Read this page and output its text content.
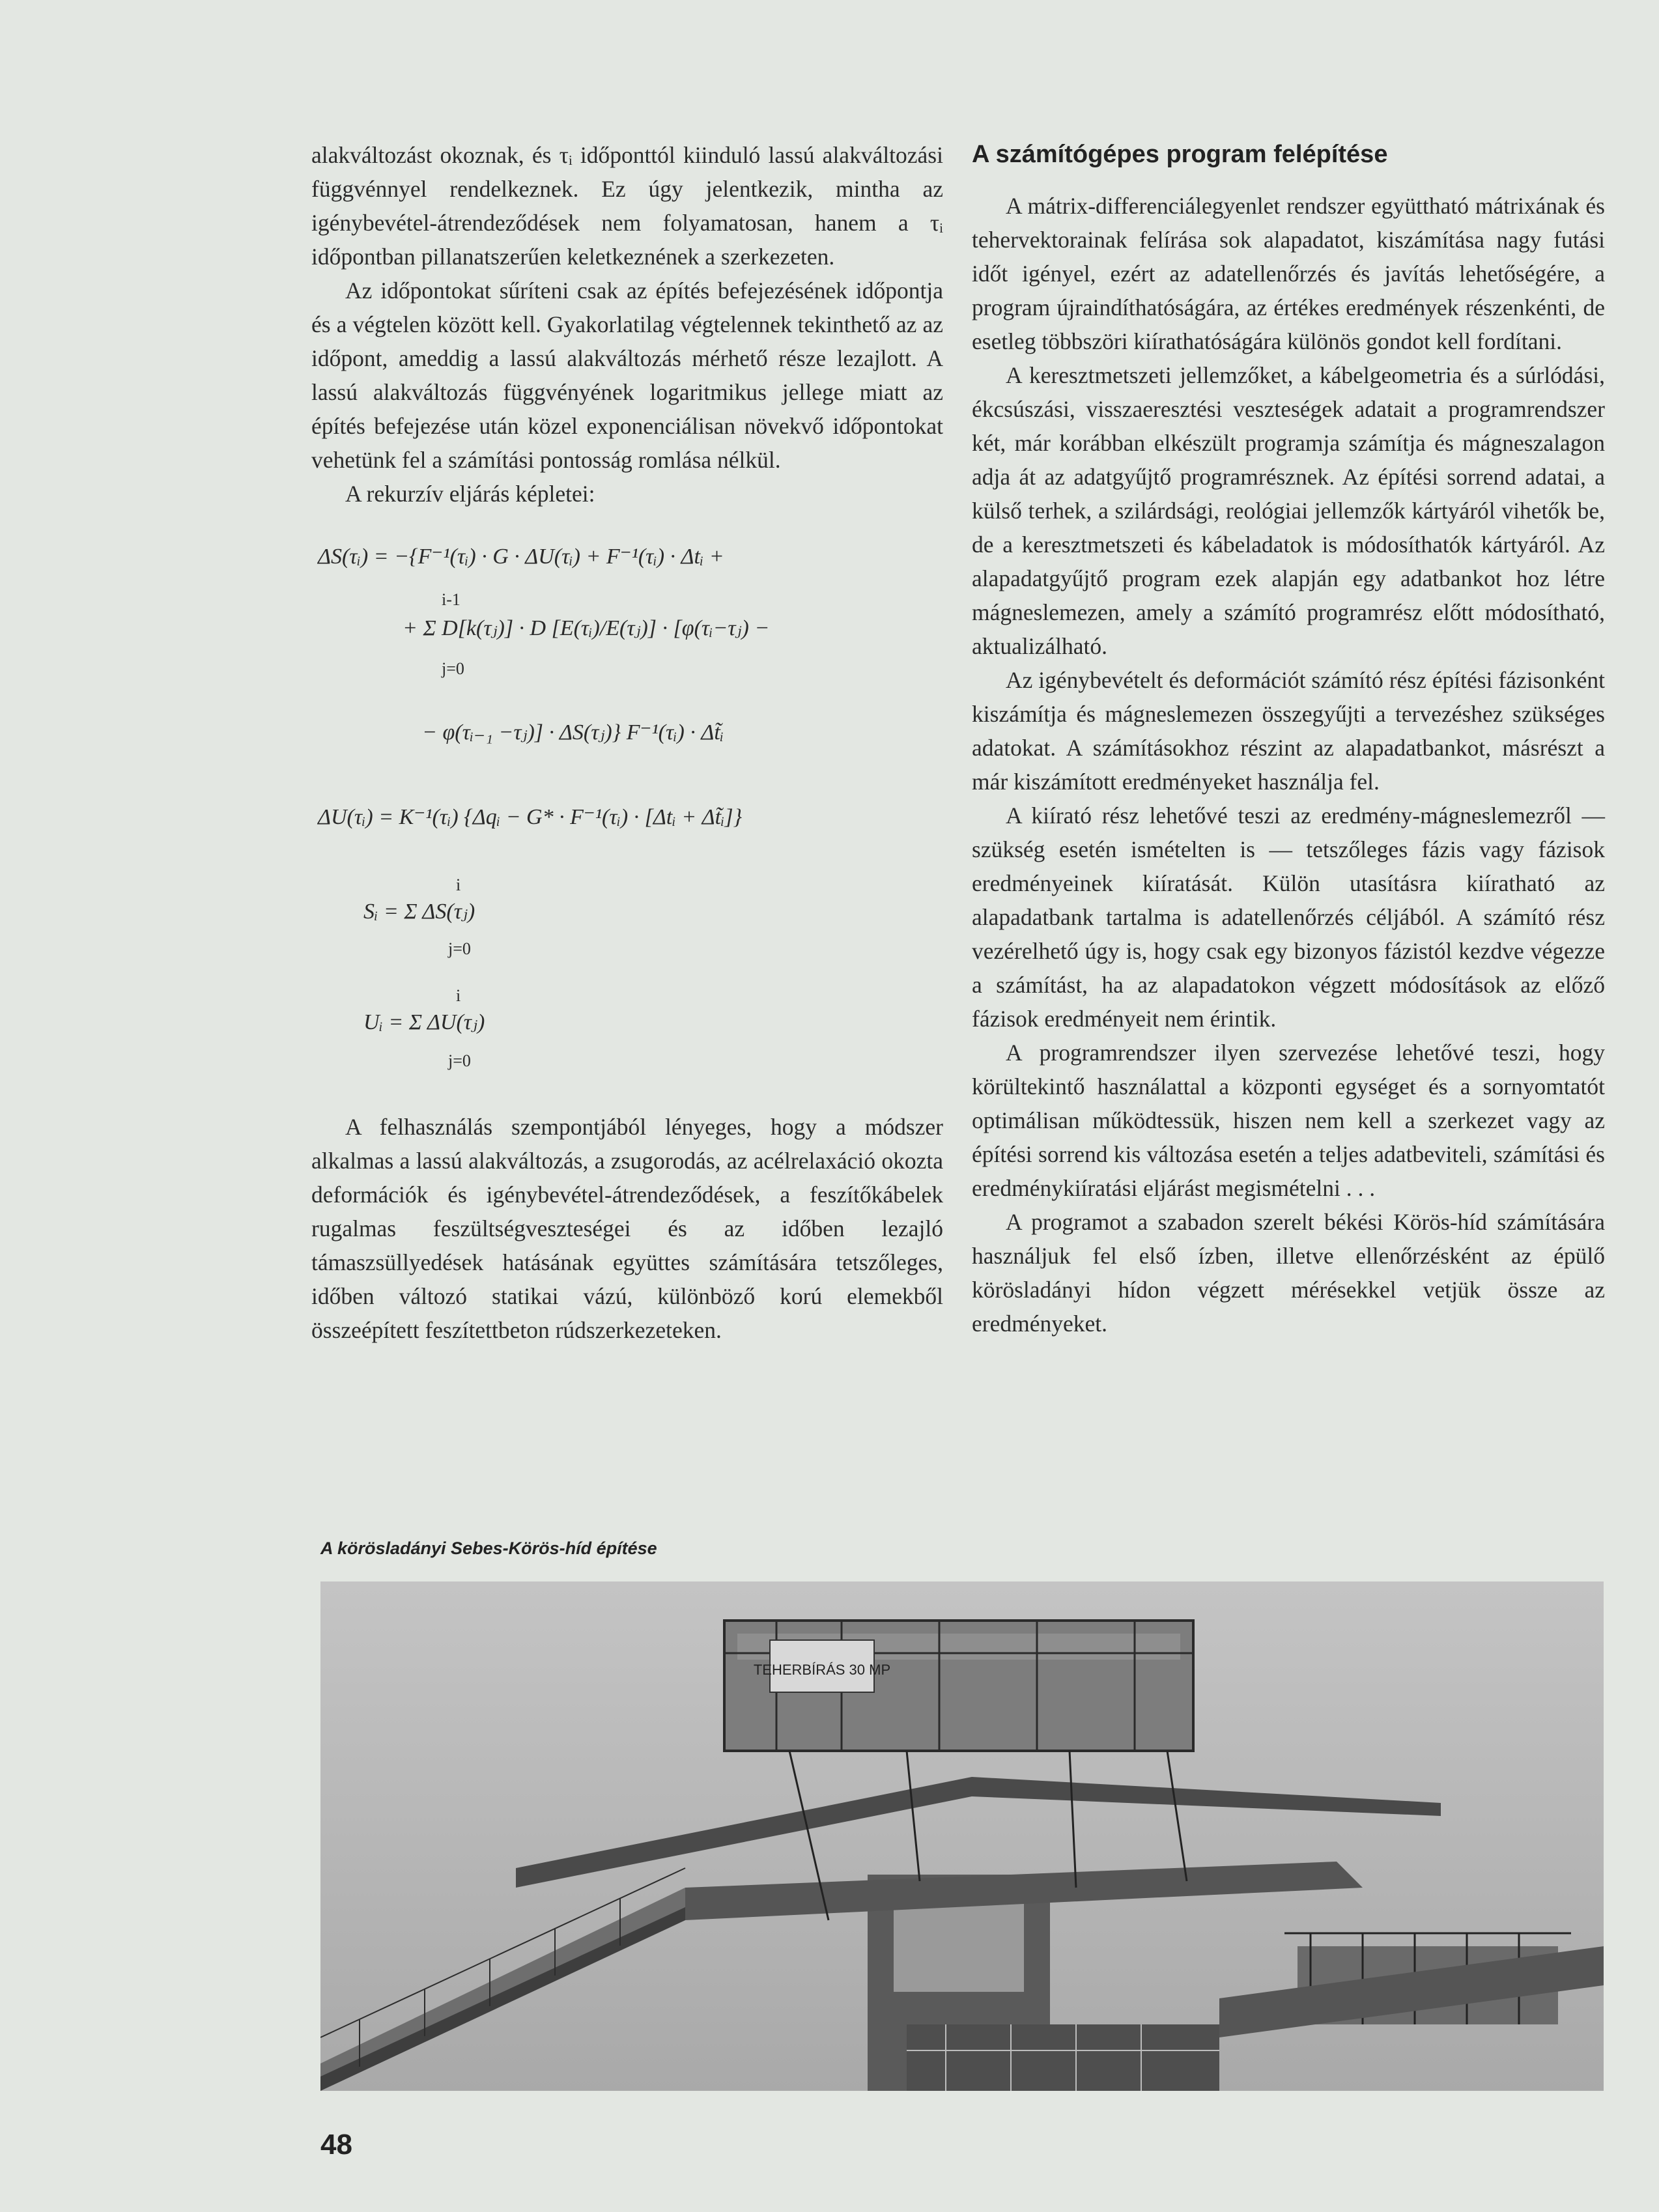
alakváltozást okoznak, és τᵢ időponttól kiinduló lassú alakváltozási függvénnyel rendelkeznek. Ez úgy jelentkezik, mintha az igénybevétel-átrendeződések nem folyamatosan, hanem a τᵢ időpontban pillanatszerűen keletkeznének a szerkezeten.

Az időpontokat sűríteni csak az építés befejezésének időpontja és a végtelen között kell. Gyakorlatilag végtelennek tekinthető az az időpont, ameddig a lassú alakváltozás mérhető része lezajlott. A lassú alakváltozás függvényének logaritmikus jellege miatt az építés befejezése után közel exponenciálisan növekvő időpontokat vehetünk fel a számítási pontosság romlása nélkül.

A rekurzív eljárás képletei:

ΔS(τᵢ) = −{F⁻¹(τᵢ) · G · ΔU(τᵢ) + F⁻¹(τᵢ) · Δtᵢ +
i-1
+ Σ D[k(τⱼ)] · D [E(τᵢ)/E(τⱼ)] · [φ(τᵢ−τⱼ) −
j=0
− φ(τᵢ₋₁ −τⱼ)] · ΔS(τⱼ)} F⁻¹(τᵢ) · Δt̃ᵢ
ΔU(τᵢ) = K⁻¹(τᵢ) {Δqᵢ − G* · F⁻¹(τᵢ) · [Δtᵢ + Δt̃ᵢ]}
i
Sᵢ = Σ ΔS(τⱼ)
j=0
i
Uᵢ = Σ ΔU(τⱼ)
j=0

A felhasználás szempontjából lényeges, hogy a módszer alkalmas a lassú alakváltozás, a zsugorodás, az acélrelaxáció okozta deformációk és igénybevétel-átrendeződések, a feszítőkábelek rugalmas feszültségveszteségei és az időben lezajló támaszsüllyedések hatásának együttes számítására tetszőleges, időben változó statikai vázú, különböző korú elemekből összeépített feszítettbeton rúdszerkezeteken.

A számítógépes program felépítése

A mátrix-differenciálegyenlet rendszer együttható mátrixának és tehervektorainak felírása sok alapadatot, kiszámítása nagy futási időt igényel, ezért az adatellenőrzés és javítás lehetőségére, a program újraindíthatóságára, az értékes eredmények részenkénti, de esetleg többszöri kiírathatóságára különös gondot kell fordítani.

A keresztmetszeti jellemzőket, a kábelgeometria és a súrlódási, ékcsúszási, visszaeresztési veszteségek adatait a programrendszer két, már korábban elkészült programja számítja és mágneszalagon adja át az adatgyűjtő programrésznek. Az építési sorrend adatai, a külső terhek, a szilárdsági, reológiai jellemzők kártyáról vihetők be, de a keresztmetszeti és kábeladatok is módosíthatók kártyáról. Az alapadatgyűjtő program ezek alapján egy adatbankot hoz létre mágneslemezen, amely a számító programrész előtt módosítható, aktualizálható.

Az igénybevételt és deformációt számító rész építési fázisonként kiszámítja és mágneslemezen összegyűjti a tervezéshez szükséges adatokat. A számításokhoz részint az alapadatbankot, másrészt a már kiszámított eredményeket használja fel.

A kiírató rész lehetővé teszi az eredmény-mágneslemezről — szükség esetén ismételten is — tetszőleges fázis vagy fázisok eredményeinek kiíratását. Külön utasításra kiíratható az alapadatbank tartalma is adatellenőrzés céljából. A számító rész vezérelhető úgy is, hogy csak egy bizonyos fázistól kezdve végezze a számítást, ha az alapadatokon végzett módosítások az előző fázisok eredményeit nem érintik.

A programrendszer ilyen szervezése lehetővé teszi, hogy körültekintő használattal a központi egységet és a sornyomtatót optimálisan működtessük, hiszen nem kell a szerkezet vagy az építési sorrend kis változása esetén a teljes adatbeviteli, számítási és eredménykiíratási eljárást megismételni . . .

A programot a szabadon szerelt békési Körös-híd számítására használjuk fel első ízben, illetve ellenőrzésként az épülő körösladányi hídon végzett mérésekkel vetjük össze az eredményeket.

A körösladányi Sebes-Körös-híd építése
TEHERBÍRÁS 30 MP
48
